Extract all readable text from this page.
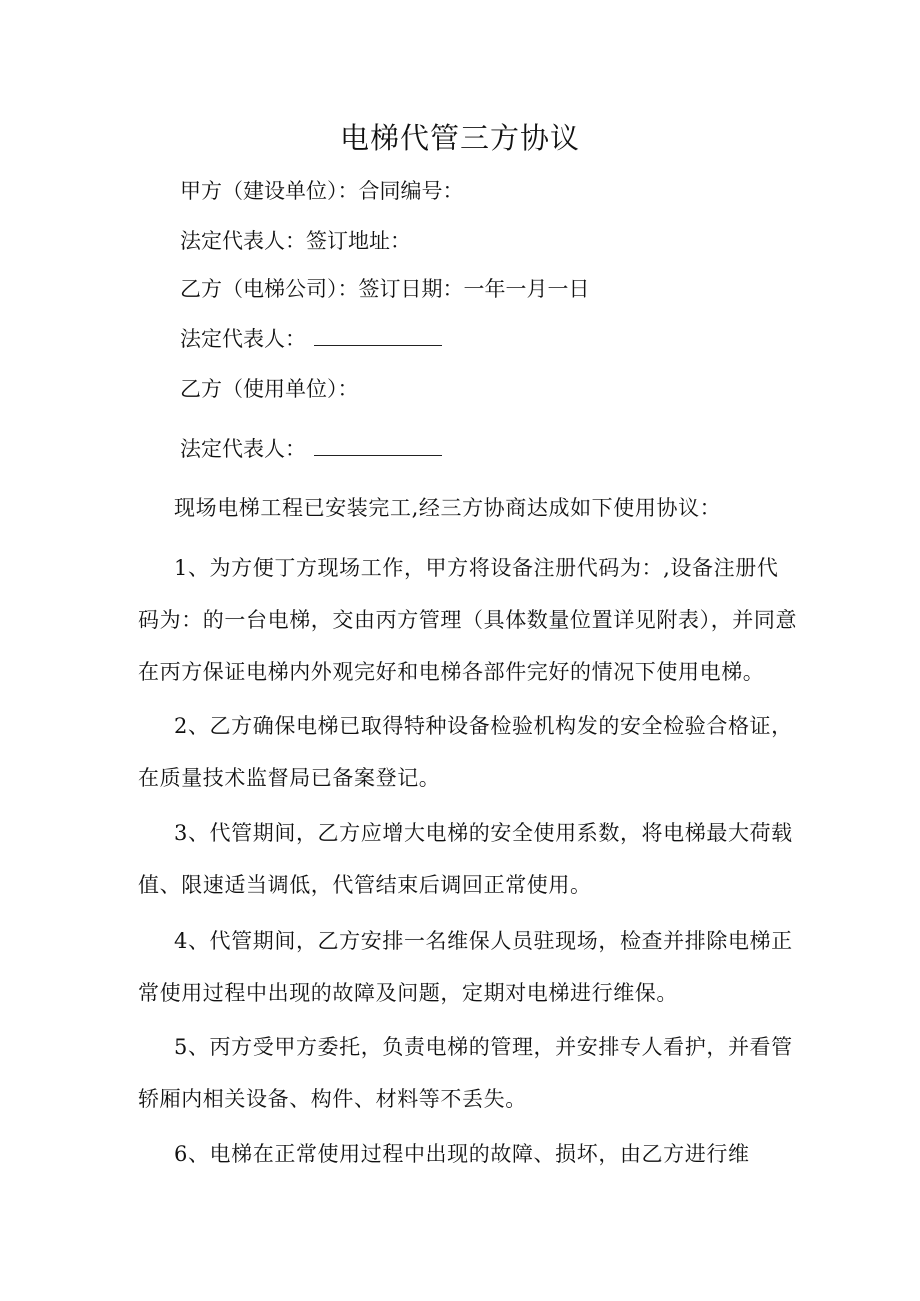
电梯代管三方协议
甲方（建设单位）：合同编号：
法定代表人：签订地址：
乙方（电梯公司）：签订日期：一年一月一日
法定代表人：
乙方（使用单位）：
法定代表人：
现场电梯工程已安装完工,经三方协商达成如下使用协议：
1、为方便丁方现场工作，甲方将设备注册代码为：,设备注册代码为：的一台电梯，交由丙方管理（具体数量位置详见附表），并同意在丙方保证电梯内外观完好和电梯各部件完好的情况下使用电梯。
2、乙方确保电梯已取得特种设备检验机构发的安全检验合格证，在质量技术监督局已备案登记。
3、代管期间，乙方应增大电梯的安全使用系数，将电梯最大荷载值、限速适当调低，代管结束后调回正常使用。
4、代管期间，乙方安排一名维保人员驻现场，检查并排除电梯正常使用过程中出现的故障及问题，定期对电梯进行维保。
5、丙方受甲方委托，负责电梯的管理，并安排专人看护，并看管轿厢内相关设备、构件、材料等不丢失。
6、电梯在正常使用过程中出现的故障、损坏，由乙方进行维
